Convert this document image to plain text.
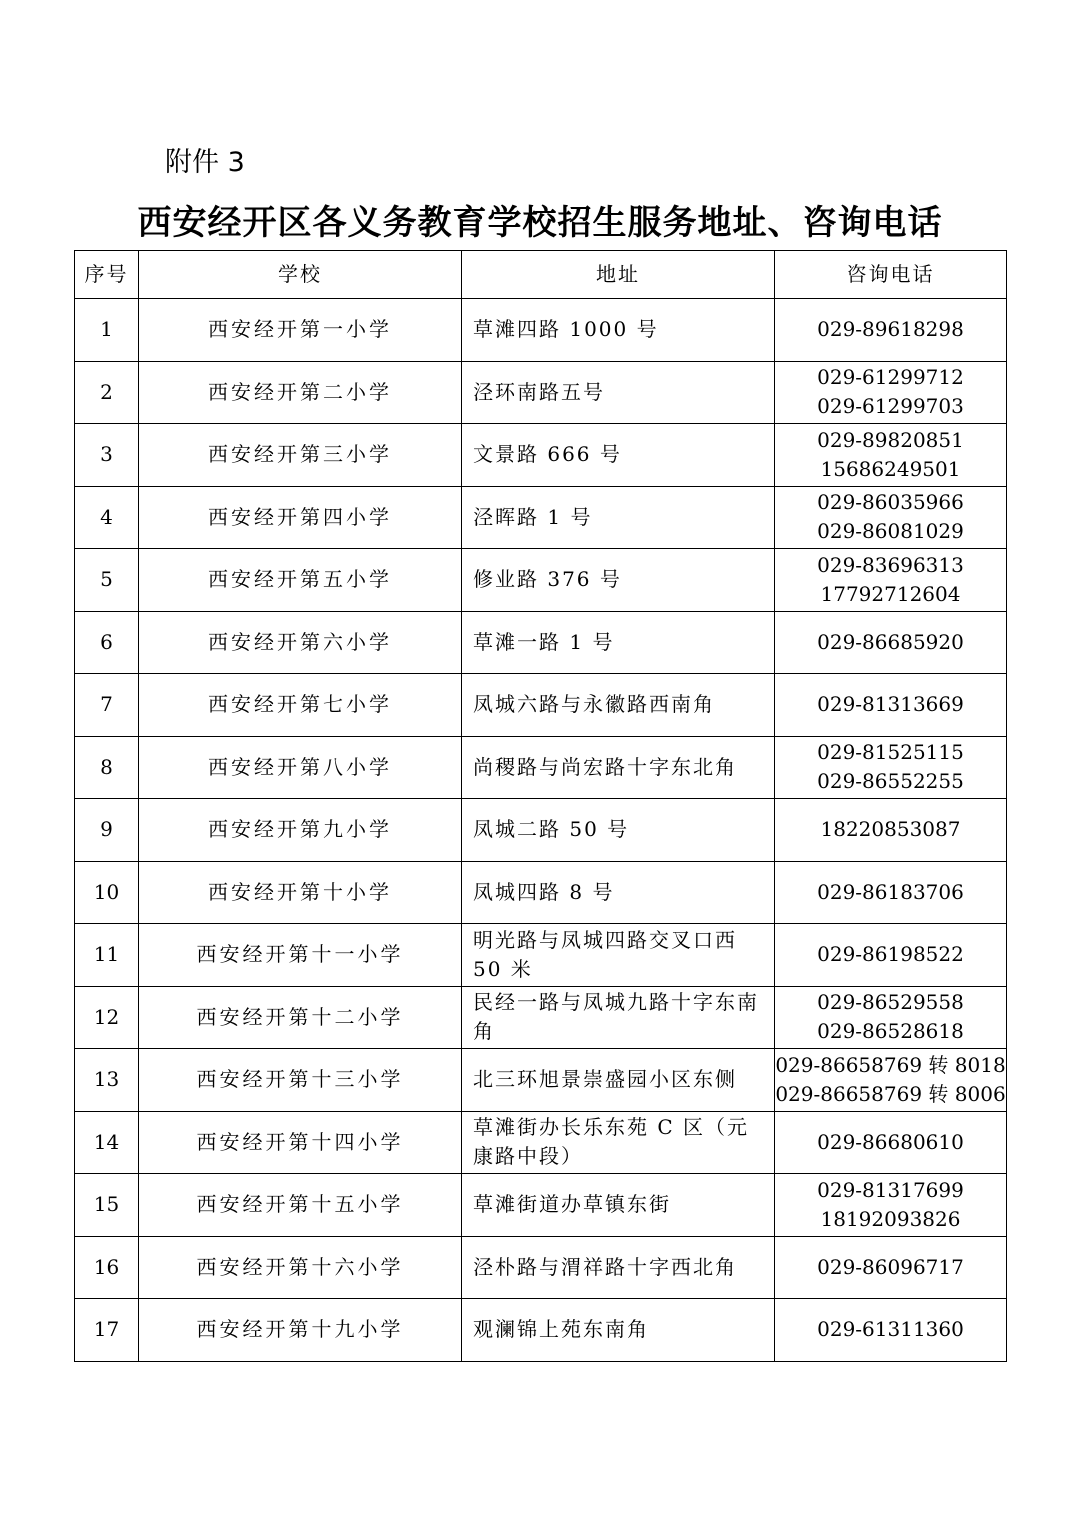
附件 3
西安经开区各义务教育学校招生服务地址、咨询电话
序号	学校	地址	咨询电话
1	西安经开第一小学	草滩四路 1000 号	029-89618298

2	西安经开第二小学	泾环南路五号	029-61299712
029-61299703

3	西安经开第三小学	文景路 666 号	029-89820851
15686249501

4	西安经开第四小学	泾晖路 1 号	029-86035966
029-86081029

5	西安经开第五小学	修业路 376 号	029-83696313
17792712604

6	西安经开第六小学	草滩一路 1 号	029-86685920

7	西安经开第七小学	凤城六路与永徽路西南角	029-81313669

8	西安经开第八小学	尚稷路与尚宏路十字东北角	029-81525115
029-86552255

9	西安经开第九小学	凤城二路 50 号	18220853087

10	西安经开第十小学	凤城四路 8 号	029-86183706

11	西安经开第十一小学	明光路与凤城四路交叉口西 50 米	029-86198522

12	西安经开第十二小学	民经一路与凤城九路十字东南角	029-86529558
029-86528618

13	西安经开第十三小学	北三环旭景崇盛园小区东侧	029-86658769 转 8018
029-86658769 转 8006

14	西安经开第十四小学	草滩街办长乐东苑 C 区（元康路中段）	029-86680610

15	西安经开第十五小学	草滩街道办草镇东街	029-81317699
18192093826

16	西安经开第十六小学	泾朴路与渭祥路十字西北角	029-86096717

17	西安经开第十九小学	观澜锦上苑东南角	029-61311360
